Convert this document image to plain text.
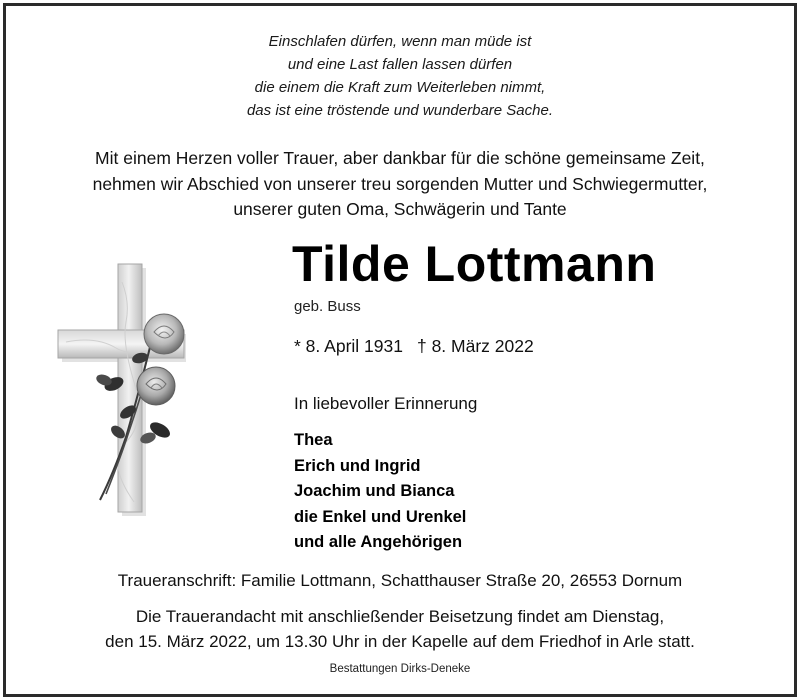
Einschlafen dürfen, wenn man müde ist
und eine Last fallen lassen dürfen
die einem die Kraft zum Weiterleben nimmt,
das ist eine tröstende und wunderbare Sache.
Mit einem Herzen voller Trauer, aber dankbar für die schöne gemeinsame Zeit,
nehmen wir Abschied von unserer treu sorgenden Mutter und Schwiegermutter,
unserer guten Oma, Schwägerin und Tante
Tilde Lottmann
geb. Buss
* 8. April 1931 † 8. März 2022
In liebevoller Erinnerung
Thea
Erich und Ingrid
Joachim und Bianca
die Enkel und Urenkel
und alle Angehörigen
Traueranschrift: Familie Lottmann, Schatthauser Straße 20, 26553 Dornum
Die Trauerandacht mit anschließender Beisetzung findet am Dienstag,
den 15. März 2022, um 13.30 Uhr in der Kapelle auf dem Friedhof in Arle statt.
Bestattungen Dirks-Deneke
